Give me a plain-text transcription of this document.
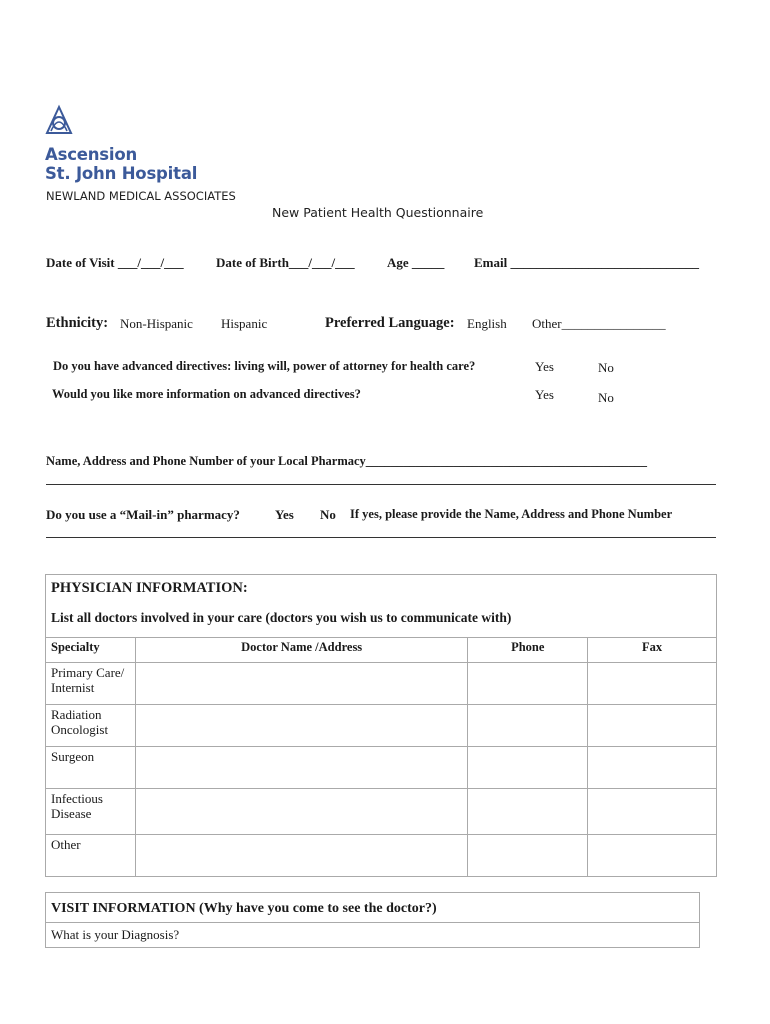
Ascension
St. John Hospital
NEWLAND MEDICAL ASSOCIATES
New Patient Health Questionnaire
Date of Visit ___/___/___ Date of Birth___/___/___ Age _____ Email _____________________________
Ethnicity: Non-Hispanic Hispanic	Preferred Language: English Other________________
Do you have advanced directives: living will, power of attorney for health care?	Yes	No
Would you like more information on advanced directives?	Yes	No
Name, Address and Phone Number of your Local Pharmacy_____________________________________________
Do you use a “Mail-in” pharmacy?	Yes No If yes, please provide the Name, Address and Phone Number
PHYSICIAN INFORMATION:
List all doctors involved in your care (doctors you wish us to communicate with)			

Specialty	Doctor Name /Address	Phone	Fax
Primary Care/ Internist			
Radiation Oncologist			
Surgeon			
Infectious Disease			
Other			
VISIT INFORMATION (Why have you come to see the doctor?)
What is your Diagnosis?
